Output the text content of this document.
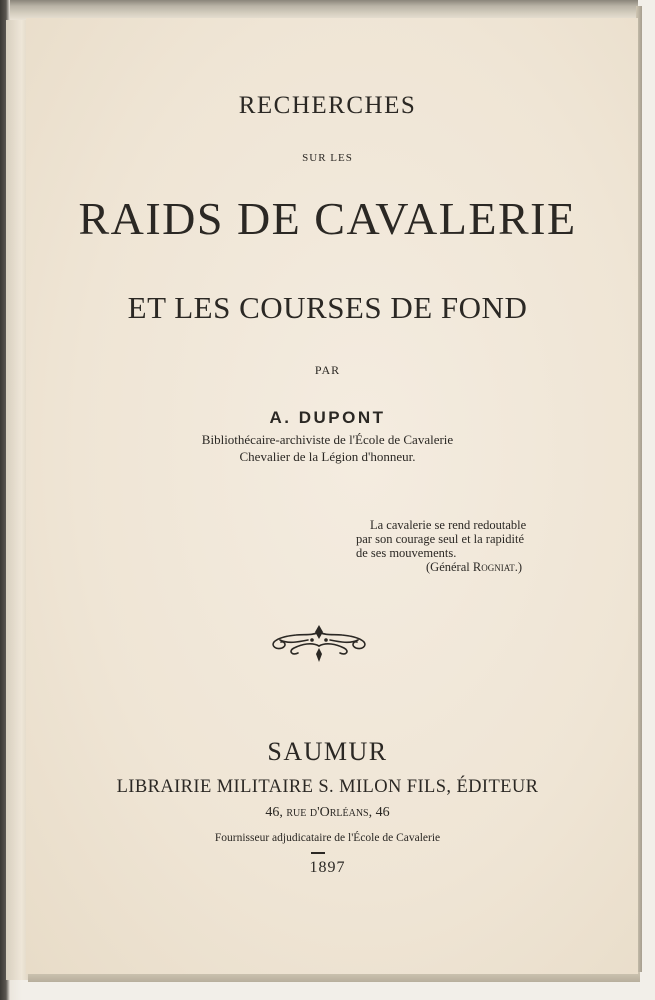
RECHERCHES
SUR LES
RAIDS DE CAVALERIE
ET LES COURSES DE FOND
PAR
A. DUPONT
Bibliothécaire-archiviste de l'École de Cavalerie
Chevalier de la Légion d'honneur.
La cavalerie se rend redoutable
par son courage seul et la rapidité
de ses mouvements.
(Général Rogniat.)
SAUMUR
LIBRAIRIE MILITAIRE S. MILON FILS, ÉDITEUR
46, rue d'Orléans, 46
Fournisseur adjudicataire de l'École de Cavalerie
1897
